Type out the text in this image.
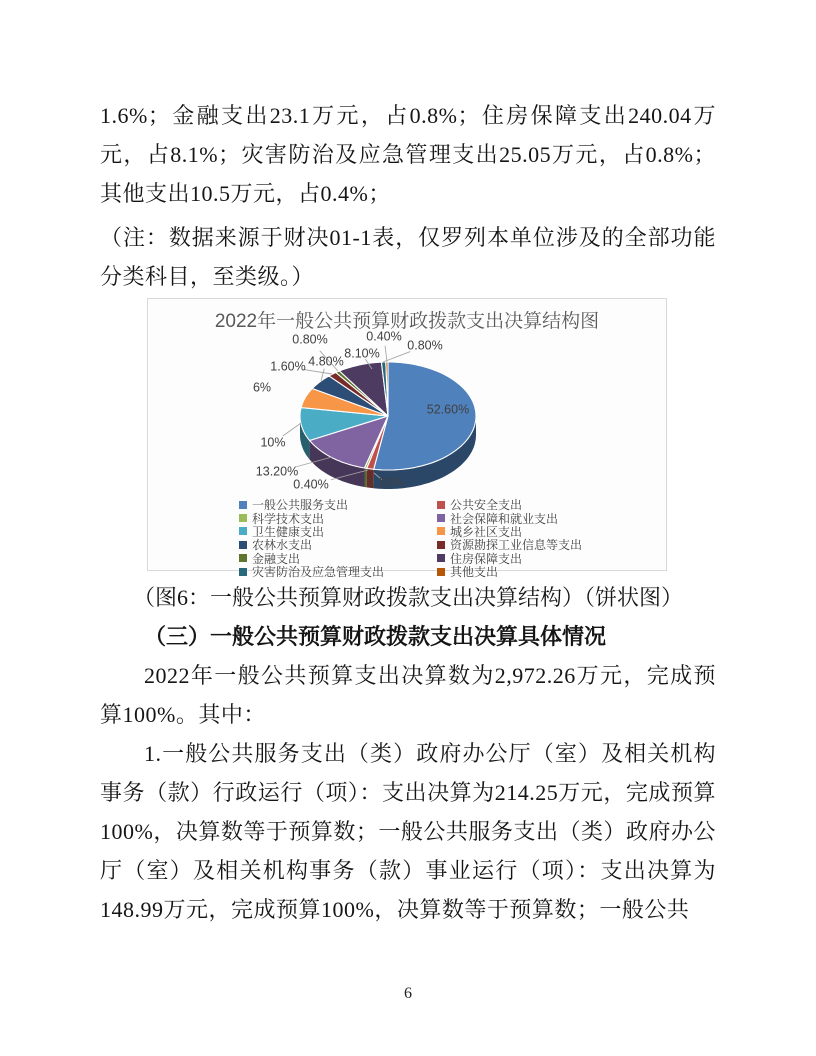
1.6%；金融支出23.1万元，占0.8%；住房保障支出240.04万元，占8.1%；灾害防治及应急管理支出25.05万元，占0.8%；其他支出10.5万元，占0.4%；

（注：数据来源于财决01-1表，仅罗列本单位涉及的全部功能分类科目，至类级。）

2022年一般公共预算财政拨款支出决算结构图
52.60%
1.30%
0.40%
13.20%
10%
6%
4.80%
1.60%
0.80%
8.10%
0.80%
0.40%
一般公共服务支出	公共安全支出
科学技术支出	社会保障和就业支出
卫生健康支出	城乡社区支出
农林水支出	资源勘探工业信息等支出
金融支出	住房保障支出
灾害防治及应急管理支出	其他支出

（图6：一般公共预算财政拨款支出决算结构）（饼状图）

（三）一般公共预算财政拨款支出决算具体情况

2022年一般公共预算支出决算数为2,972.26万元，完成预算100%。其中：

1.一般公共服务支出（类）政府办公厅（室）及相关机构事务（款）行政运行（项）：支出决算为214.25万元，完成预算100%，决算数等于预算数；一般公共服务支出（类）政府办公厅（室）及相关机构事务（款）事业运行（项）：支出决算为148.99万元，完成预算100%，决算数等于预算数；一般公共

6
